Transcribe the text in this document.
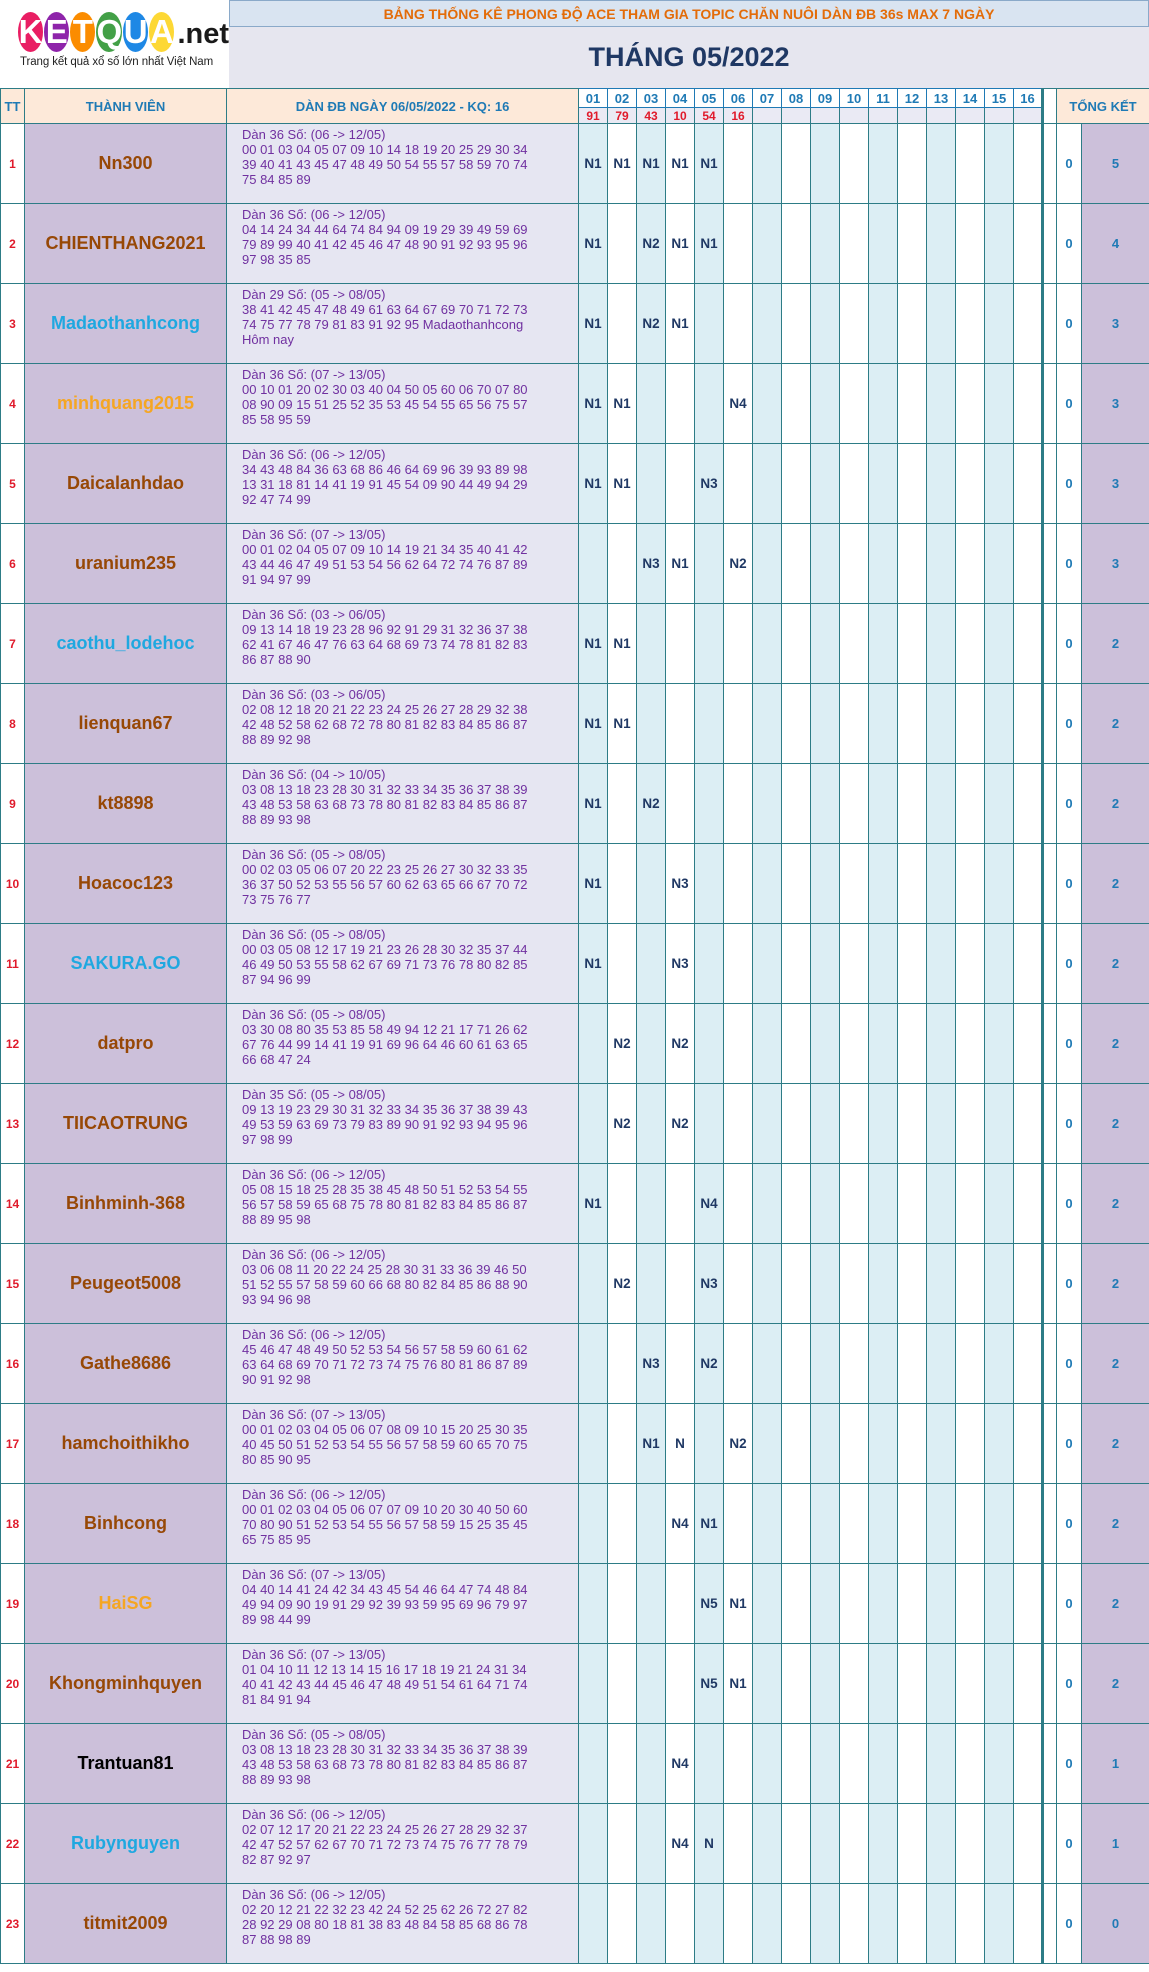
K E T Q U A .net
Trang kết quả xổ số lớn nhất Việt Nam
BẢNG THỐNG KÊ PHONG ĐỘ ACE THAM GIA TOPIC CHĂN NUÔI DÀN ĐB 36s MAX 7 NGÀY
THÁNG 05/2022
TT	THÀNH VIÊN	DÀN ĐB NGÀY 06/05/2022 - KQ: 16	01	02	03	04	05	06	07	08	09	10	11	12	13	14	15	16		TỔNG KẾT	
			91	79	43	10	54	16													
1	Nn300	Dàn 36 Số: (06 -> 12/05)
00 01 03 04 05 07 09 10 14 18 19 20 25 29 30 34
39 40 41 43 45 47 48 49 50 54 55 57 58 59 70 74
75 84 85 89	N1	N1	N1	N1	N1													0	5
2	CHIENTHANG2021	Dàn 36 Số: (06 -> 12/05)
04 14 24 34 44 64 74 84 94 09 19 29 39 49 59 69
79 89 99 40 41 42 45 46 47 48 90 91 92 93 95 96
97 98 35 85	N1		N2	N1	N1													0	4
3	Madaothanhcong	Dàn 29 Số: (05 -> 08/05)
38 41 42 45 47 48 49 61 63 64 67 69 70 71 72 73
74 75 77 78 79 81 83 91 92 95 Madaothanhcong
Hôm nay	N1		N2	N1														0	3
4	minhquang2015	Dàn 36 Số: (07 -> 13/05)
00 10 01 20 02 30 03 40 04 50 05 60 06 70 07 80
08 90 09 15 51 25 52 35 53 45 54 55 65 56 75 57
85 58 95 59	N1	N1				N4												0	3
5	Daicalanhdao	Dàn 36 Số: (06 -> 12/05)
34 43 48 84 36 63 68 86 46 64 69 96 39 93 89 98
13 31 18 81 14 41 19 91 45 54 09 90 44 49 94 29
92 47 74 99	N1	N1			N3													0	3
6	uranium235	Dàn 36 Số: (07 -> 13/05)
00 01 02 04 05 07 09 10 14 19 21 34 35 40 41 42
43 44 46 47 49 51 53 54 56 62 64 72 74 76 87 89
91 94 97 99			N3	N1		N2												0	3
7	caothu_lodehoc	Dàn 36 Số: (03 -> 06/05)
09 13 14 18 19 23 28 96 92 91 29 31 32 36 37 38
62 41 67 46 47 76 63 64 68 69 73 74 78 81 82 83
86 87 88 90	N1	N1																0	2
8	lienquan67	Dàn 36 Số: (03 -> 06/05)
02 08 12 18 20 21 22 23 24 25 26 27 28 29 32 38
42 48 52 58 62 68 72 78 80 81 82 83 84 85 86 87
88 89 92 98	N1	N1																0	2
9	kt8898	Dàn 36 Số: (04 -> 10/05)
03 08 13 18 23 28 30 31 32 33 34 35 36 37 38 39
43 48 53 58 63 68 73 78 80 81 82 83 84 85 86 87
88 89 93 98	N1		N2															0	2
10	Hoacoc123	Dàn 36 Số: (05 -> 08/05)
00 02 03 05 06 07 20 22 23 25 26 27 30 32 33 35
36 37 50 52 53 55 56 57 60 62 63 65 66 67 70 72
73 75 76 77	N1			N3														0	2
11	SAKURA.GO	Dàn 36 Số: (05 -> 08/05)
00 03 05 08 12 17 19 21 23 26 28 30 32 35 37 44
46 49 50 53 55 58 62 67 69 71 73 76 78 80 82 85
87 94 96 99	N1			N3														0	2
12	datpro	Dàn 36 Số: (05 -> 08/05)
03 30 08 80 35 53 85 58 49 94 12 21 17 71 26 62
67 76 44 99 14 41 19 91 69 96 64 46 60 61 63 65
66 68 47 24		N2		N2														0	2
13	TIICAOTRUNG	Dàn 35 Số: (05 -> 08/05)
09 13 19 23 29 30 31 32 33 34 35 36 37 38 39 43
49 53 59 63 69 73 79 83 89 90 91 92 93 94 95 96
97 98 99		N2		N2														0	2
14	Binhminh-368	Dàn 36 Số: (06 -> 12/05)
05 08 15 18 25 28 35 38 45 48 50 51 52 53 54 55
56 57 58 59 65 68 75 78 80 81 82 83 84 85 86 87
88 89 95 98	N1				N4													0	2
15	Peugeot5008	Dàn 36 Số: (06 -> 12/05)
03 06 08 11 20 22 24 25 28 30 31 33 36 39 46 50
51 52 55 57 58 59 60 66 68 80 82 84 85 86 88 90
93 94 96 98		N2			N3													0	2
16	Gathe8686	Dàn 36 Số: (06 -> 12/05)
45 46 47 48 49 50 52 53 54 56 57 58 59 60 61 62
63 64 68 69 70 71 72 73 74 75 76 80 81 86 87 89
90 91 92 98			N3		N2													0	2
17	hamchoithikho	Dàn 36 Số: (07 -> 13/05)
00 01 02 03 04 05 06 07 08 09 10 15 20 25 30 35
40 45 50 51 52 53 54 55 56 57 58 59 60 65 70 75
80 85 90 95			N1	N		N2												0	2
18	Binhcong	Dàn 36 Số: (06 -> 12/05)
00 01 02 03 04 05 06 07 07 09 10 20 30 40 50 60
70 80 90 51 52 53 54 55 56 57 58 59 15 25 35 45
65 75 85 95				N4	N1													0	2
19	HaiSG	Dàn 36 Số: (07 -> 13/05)
04 40 14 41 24 42 34 43 45 54 46 64 47 74 48 84
49 94 09 90 19 91 29 92 39 93 59 95 69 96 79 97
89 98 44 99					N5	N1												0	2
20	Khongminhquyen	Dàn 36 Số: (07 -> 13/05)
01 04 10 11 12 13 14 15 16 17 18 19 21 24 31 34
40 41 42 43 44 45 46 47 48 49 51 54 61 64 71 74
81 84 91 94					N5	N1												0	2
21	Trantuan81	Dàn 36 Số: (05 -> 08/05)
03 08 13 18 23 28 30 31 32 33 34 35 36 37 38 39
43 48 53 58 63 68 73 78 80 81 82 83 84 85 86 87
88 89 93 98				N4														0	1
22	Rubynguyen	Dàn 36 Số: (06 -> 12/05)
02 07 12 17 20 21 22 23 24 25 26 27 28 29 32 37
42 47 52 57 62 67 70 71 72 73 74 75 76 77 78 79
82 87 92 97				N4	N													0	1
23	titmit2009	Dàn 36 Số: (06 -> 12/05)
02 20 12 21 22 32 23 42 24 52 25 62 26 72 27 82
28 92 29 08 80 18 81 38 83 48 84 58 85 68 86 78
87 88 98 89																		0	0
